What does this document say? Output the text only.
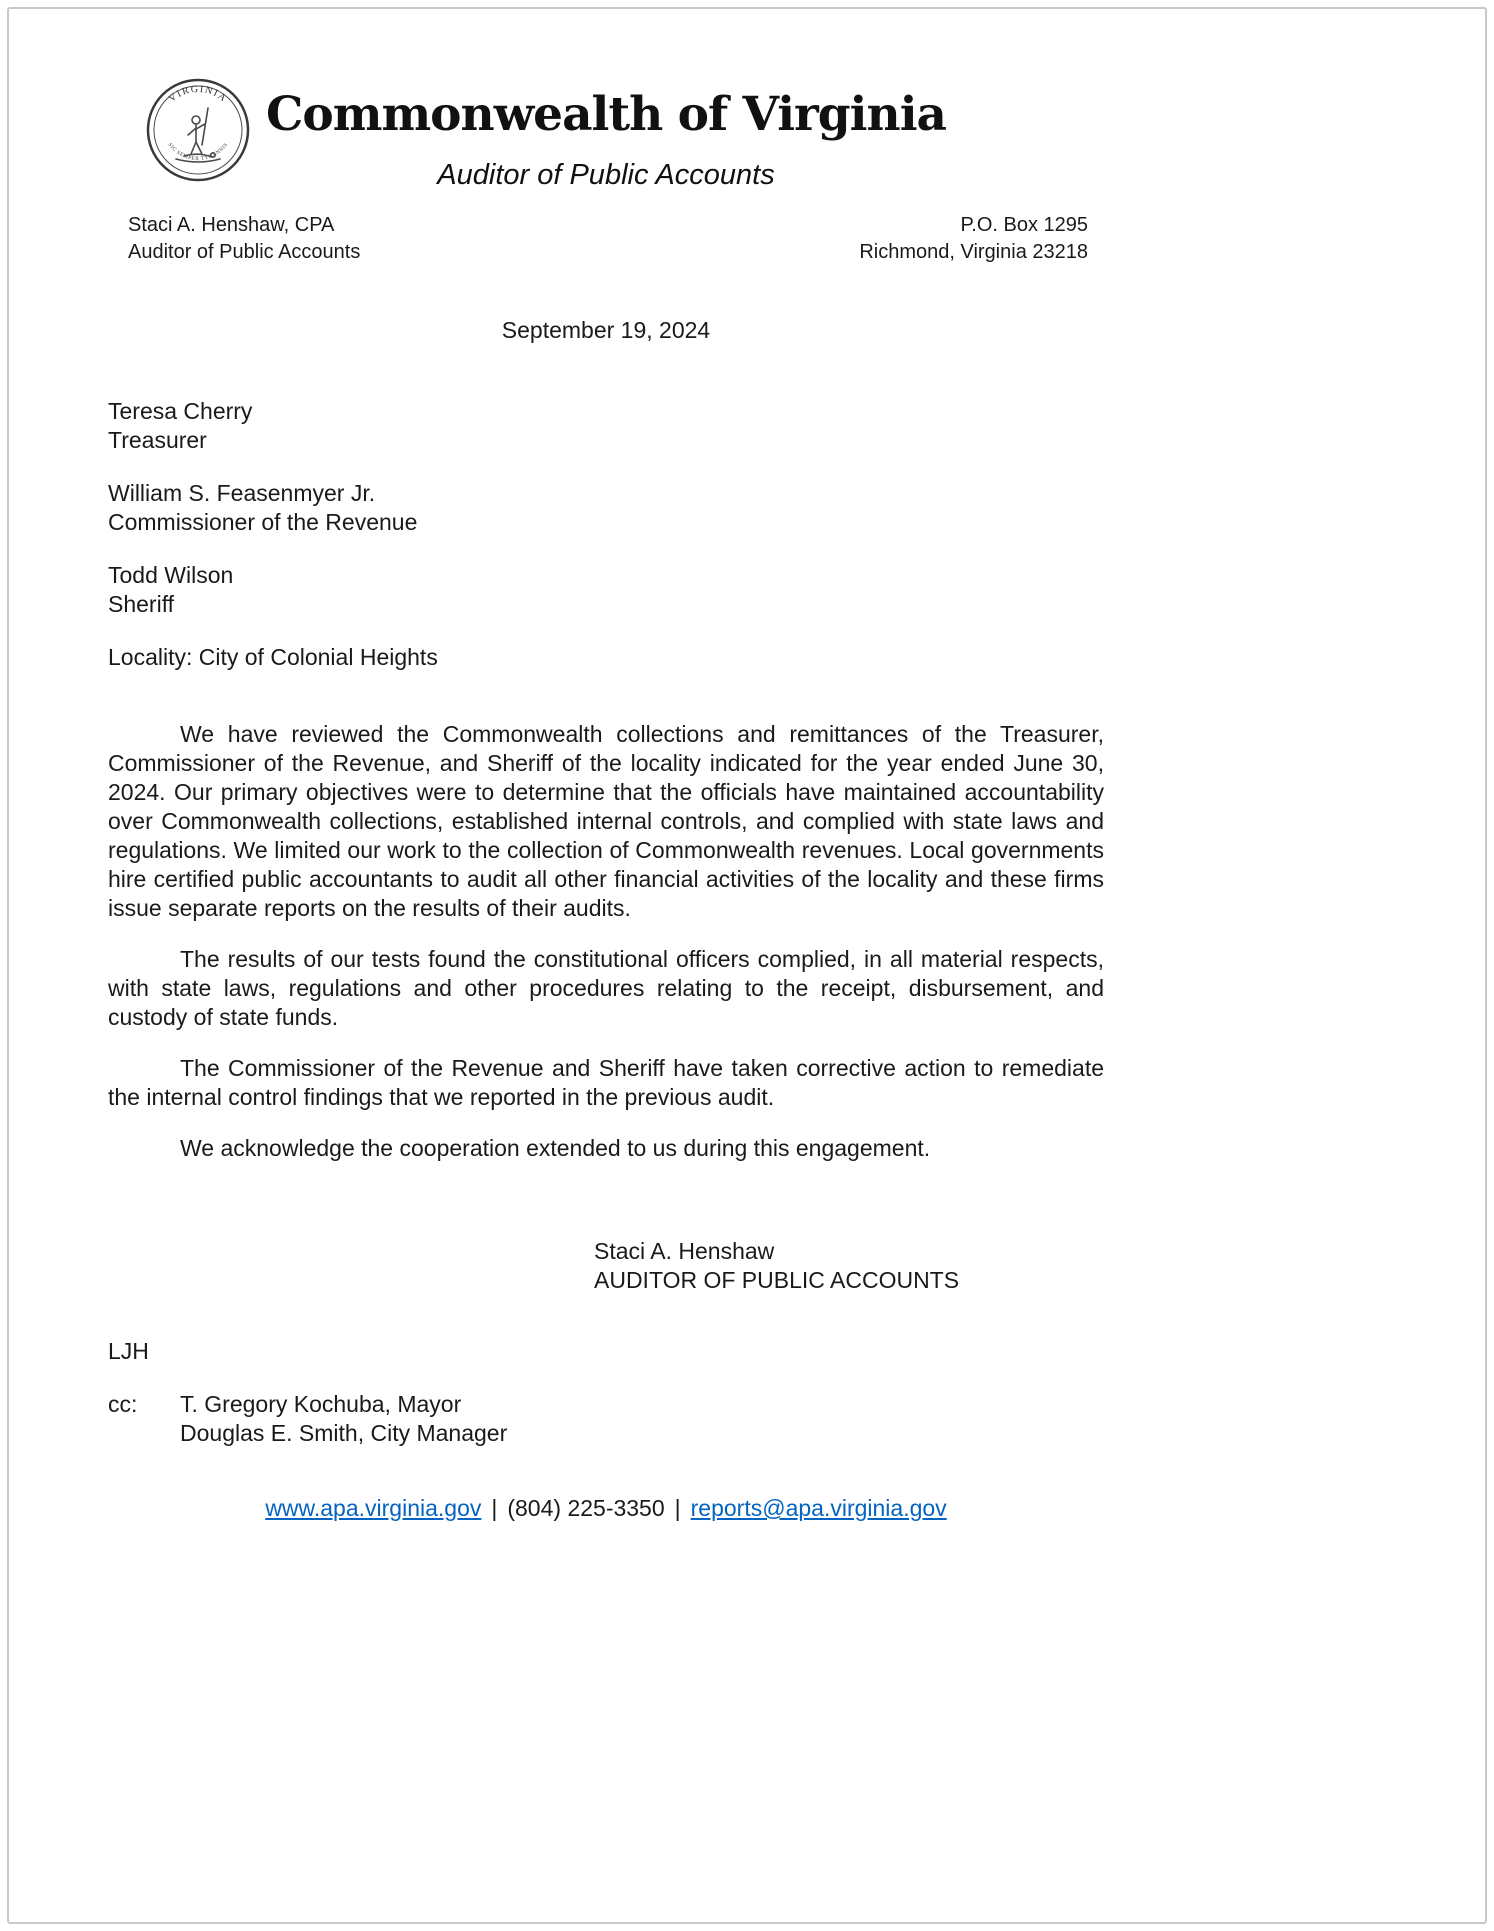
VIRGINIA
SIC SEMPER TYRANNIS
Commonwealth of Virginia
Auditor of Public Accounts
Staci A. Henshaw, CPA
Auditor of Public Accounts
P.O. Box 1295
Richmond, Virginia 23218
September 19, 2024
Teresa Cherry
Treasurer
William S. Feasenmyer Jr.
Commissioner of the Revenue
Todd Wilson
Sheriff
Locality: City of Colonial Heights

We have reviewed the Commonwealth collections and remittances of the Treasurer, Commissioner of the Revenue, and Sheriff of the locality indicated for the year ended June 30, 2024. Our primary objectives were to determine that the officials have maintained accountability over Commonwealth collections, established internal controls, and complied with state laws and regulations. We limited our work to the collection of Commonwealth revenues. Local governments hire certified public accountants to audit all other financial activities of the locality and these firms issue separate reports on the results of their audits.

The results of our tests found the constitutional officers complied, in all material respects, with state laws, regulations and other procedures relating to the receipt, disbursement, and custody of state funds.

The Commissioner of the Revenue and Sheriff have taken corrective action to remediate the internal control findings that we reported in the previous audit.

We acknowledge the cooperation extended to us during this engagement.

Staci A. Henshaw
AUDITOR OF PUBLIC ACCOUNTS
LJH
cc:	T. Gregory Kochuba, Mayor
Douglas E. Smith, City Manager
www.apa.virginia.gov | (804) 225-3350 | reports@apa.virginia.gov
